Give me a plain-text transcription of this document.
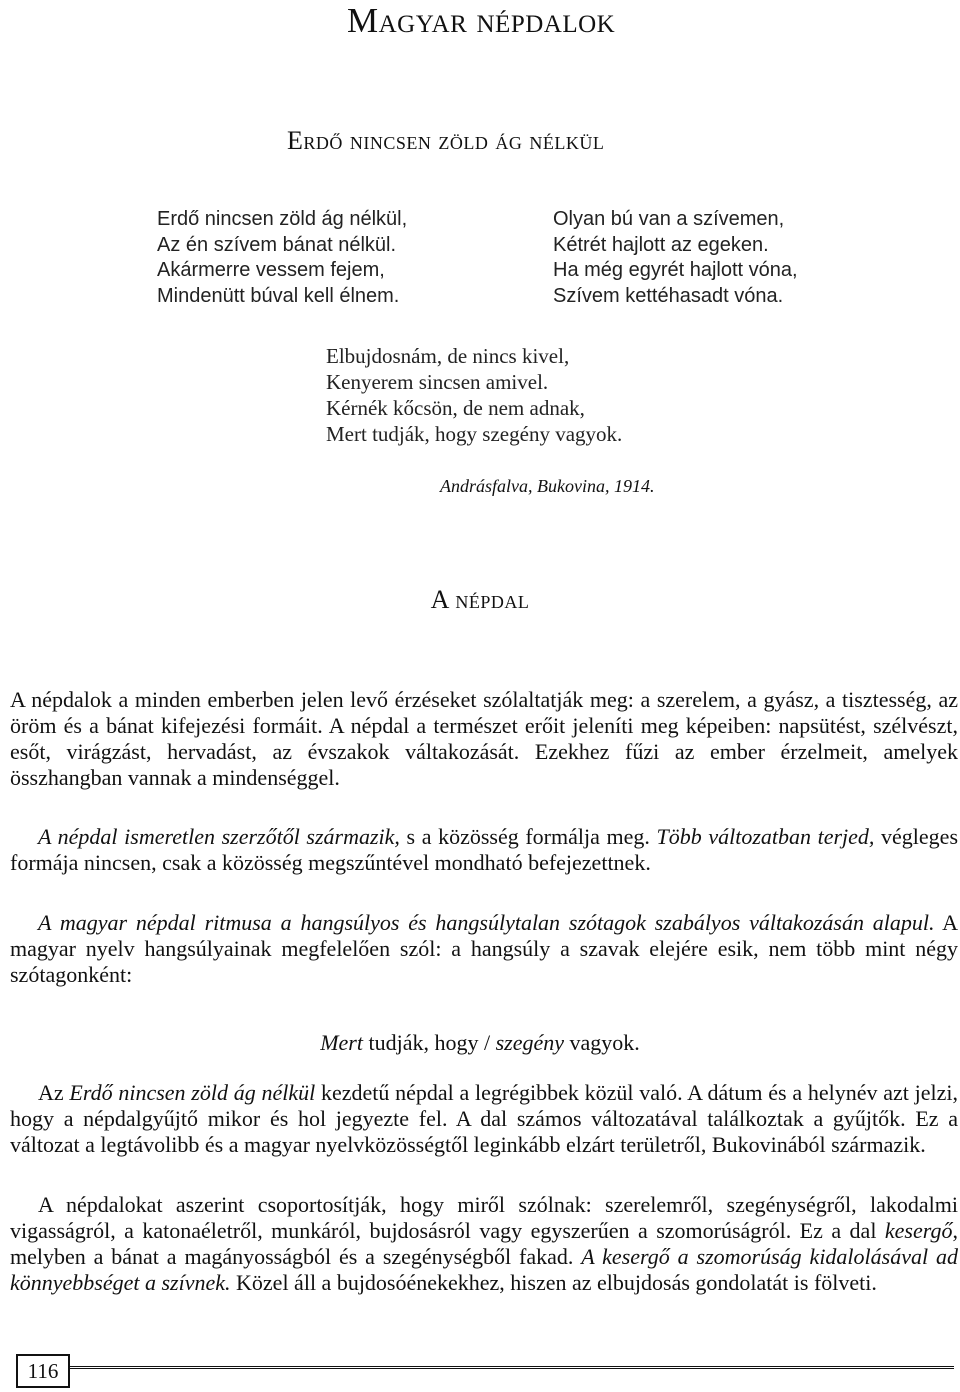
Magyar népdalok
Erdő nincsen zöld ág nélkül
Erdő nincsen zöld ág nélkül,
Az én szívem bánat nélkül.
Akármerre vessem fejem,
Mindenütt búval kell élnem.
Olyan bú van a szívemen,
Kétrét hajlott az egeken.
Ha még egyrét hajlott vóna,
Szívem kettéhasadt vóna.
Elbujdosnám, de nincs kivel,
Kenyerem sincsen amivel.
Kérnék kőcsön, de nem adnak,
Mert tudják, hogy szegény vagyok.
Andrásfalva, Bukovina, 1914.
A népdal

A népdalok a minden emberben jelen levő érzéseket szólaltatják meg: a szerelem, a gyász, a tisztesség, az öröm és a bánat kifejezési formáit. A népdal a természet erőit jeleníti meg képeiben: napsütést, szélvészt, esőt, virágzást, hervadást, az évszakok váltakozását. Ezekhez fűzi az ember érzelmeit, amelyek összhangban vannak a mindenséggel.

A népdal ismeretlen szerzőtől származik, s a közösség formálja meg. Több változatban terjed, végleges formája nincsen, csak a közösség megszűntével mondható befejezettnek.

A magyar népdal ritmusa a hangsúlyos és hangsúlytalan szótagok szabályos váltakozásán alapul. A magyar nyelv hangsúlyainak megfelelően szól: a hangsúly a szavak elejére esik, nem több mint négy szótagonként:

Mert tudják, hogy / szegény vagyok.

Az Erdő nincsen zöld ág nélkül kezdetű népdal a legrégibbek közül való. A dátum és a helynév azt jelzi, hogy a népdalgyűjtő mikor és hol jegyezte fel. A dal számos változatával találkoztak a gyűjtők. Ez a változat a legtávolibb és a magyar nyelvközösségtől leginkább elzárt területről, Bukovinából származik.

A népdalokat aszerint csoportosítják, hogy miről szólnak: szerelemről, szegénységről, lakodalmi vigasságról, a katonaéletről, munkáról, bujdosásról vagy egyszerűen a szomorúságról. Ez a dal kesergő, melyben a bánat a magányosságból és a szegénységből fakad. A kesergő a szomorúság kidalolásával ad könnyebbséget a szívnek. Közel áll a bujdosóénekekhez, hiszen az elbujdosás gondolatát is fölveti.

116
